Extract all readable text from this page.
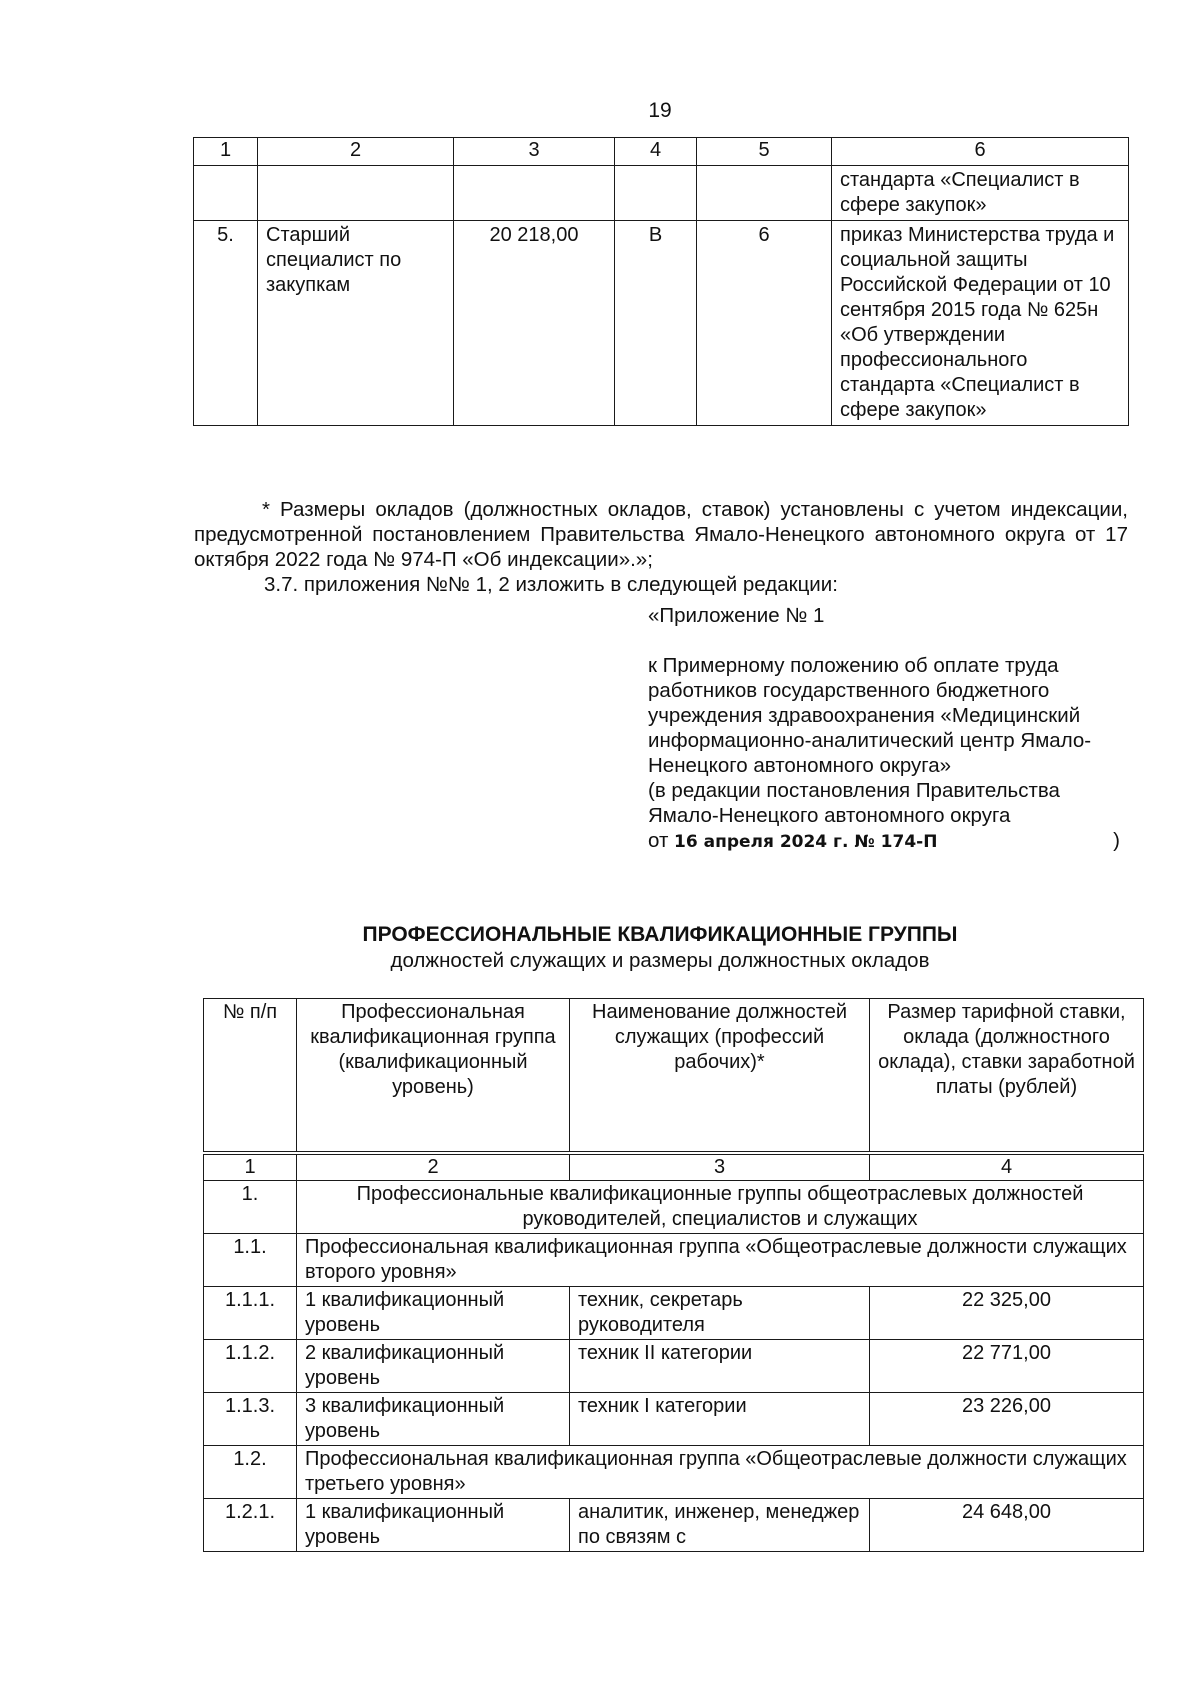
19
1	2	3	4	5	6
					стандарта «Специалист в сфере закупок»
5.	Старший специалист по закупкам	20 218,00	В	6	приказ Министерства труда и социальной защиты Российской Федерации от 10 сентября 2015 года № 625н «Об утверждении профессионального стандарта «Специалист в сфере закупок»

* Размеры окладов (должностных окладов, ставок) установлены с учетом индексации, предусмотренной постановлением Правительства Ямало-Ненецкого автономного округа от 17 октября 2022 года № 974-П «Об индексации».»;

3.7. приложения №№ 1, 2 изложить в следующей редакции:

«Приложение № 1
к Примерному положению об оплате труда работников государственного бюджетного учреждения здравоохранения «Медицинский информационно-аналитический центр Ямало-Ненецкого автономного округа»
(в редакции постановления Правительства Ямало-Ненецкого автономного округа
от 16 апреля 2024 г. № 174-П	)
ПРОФЕССИОНАЛЬНЫЕ КВАЛИФИКАЦИОННЫЕ ГРУППЫ
должностей служащих и размеры должностных окладов
№ п/п	Профессиональная квалификационная группа (квалификационный уровень)	Наименование должностей служащих (профессий рабочих)*	Размер тарифной ставки, оклада (должностного оклада), ставки заработной платы (рублей)
1	2	3	4
1.	Профессиональные квалификационные группы общеотраслевых должностей руководителей, специалистов и служащих		
1.1.	Профессиональная квалификационная группа «Общеотраслевые должности служащих второго уровня»		
1.1.1.	1 квалификационный уровень	техник, секретарь руководителя	22 325,00
1.1.2.	2 квалификационный уровень	техник II категории	22 771,00
1.1.3.	3 квалификационный уровень	техник I категории	23 226,00
1.2.	Профессиональная квалификационная группа «Общеотраслевые должности служащих третьего уровня»		
1.2.1.	1 квалификационный уровень	аналитик, инженер, менеджер по связям с	24 648,00
